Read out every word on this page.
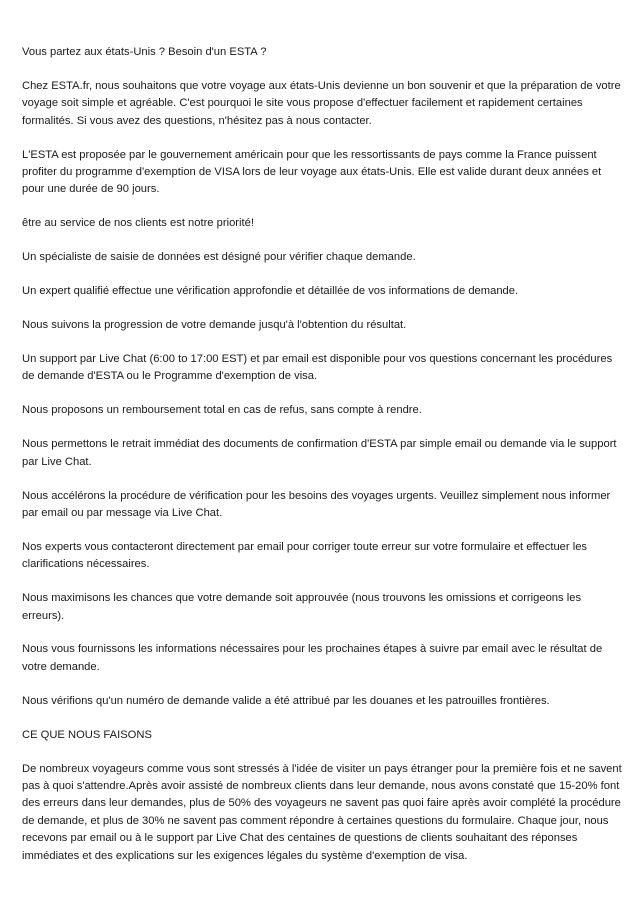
Vous partez aux états-Unis ? Besoin d'un ESTA ?

Chez ESTA.fr, nous souhaitons que votre voyage aux états-Unis devienne un bon souvenir et que la préparation de votre voyage soit simple et agréable. C'est pourquoi le site vous propose d'effectuer facilement et rapidement certaines formalités. Si vous avez des questions, n'hésitez pas à nous contacter.

L'ESTA est proposée par le gouvernement américain pour que les ressortissants de pays comme la France puissent profiter du programme d'exemption de VISA lors de leur voyage aux états-Unis. Elle est valide durant deux années et pour une durée de 90 jours.

être au service de nos clients est notre priorité!

Un spécialiste de saisie de données est désigné pour vérifier chaque demande.

Un expert qualifié effectue une vérification approfondie et détaillée de vos informations de demande.

Nous suivons la progression de votre demande jusqu'à l'obtention du résultat.

Un support par Live Chat (6:00 to 17:00 EST) et par email est disponible pour vos questions concernant les procédures de demande d'ESTA ou le Programme d'exemption de visa.

Nous proposons un remboursement total en cas de refus, sans compte à rendre.

Nous permettons le retrait immédiat des documents de confirmation d'ESTA par simple email ou demande via le support par Live Chat.

Nous accélérons la procédure de vérification pour les besoins des voyages urgents. Veuillez simplement nous informer par email ou par message via Live Chat.

Nos experts vous contacteront directement par email pour corriger toute erreur sur votre formulaire et effectuer les clarifications nécessaires.

Nous maximisons les chances que votre demande soit approuvée (nous trouvons les omissions et corrigeons les erreurs).

Nous vous fournissons les informations nécessaires pour les prochaines étapes à suivre par email avec le résultat de votre demande.

Nous vérifions qu'un numéro de demande valide a été attribué par les douanes et les patrouilles frontières.

CE QUE NOUS FAISONS

De nombreux voyageurs comme vous sont stressés à l'idée de visiter un pays étranger pour la première fois et ne savent pas à quoi s'attendre.Après avoir assisté de nombreux clients dans leur demande, nous avons constaté que 15-20% font des erreurs dans leur demandes, plus de 50% des voyageurs ne savent pas quoi faire après avoir complété la procédure de demande, et plus de 30% ne savent pas comment répondre à certaines questions du formulaire. Chaque jour, nous recevons par email ou à le support par Live Chat des centaines de questions de clients souhaitant des réponses immédiates et des explications sur les exigences légales du système d'exemption de visa.
